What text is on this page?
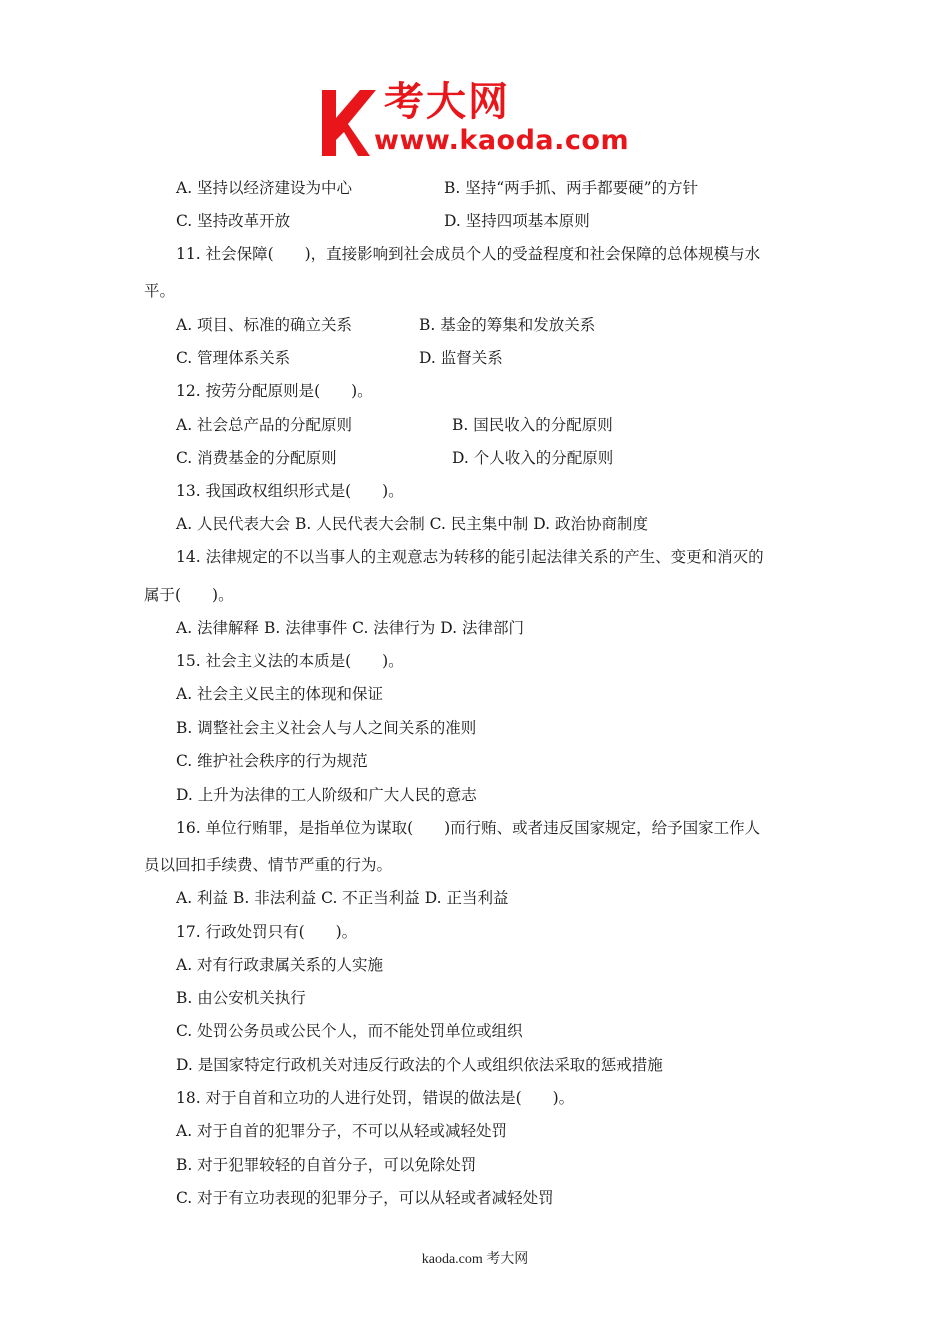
考大网
www.kaoda.com
A. 坚持以经济建设为中心	B. 坚持“两手抓、两手都要硬”的方针
C. 坚持改革开放	D. 坚持四项基本原则
11. 社会保障(　　)，直接影响到社会成员个人的受益程度和社会保障的总体规模与水
平。
A. 项目、标准的确立关系	B. 基金的筹集和发放关系
C. 管理体系关系	D. 监督关系
12. 按劳分配原则是(　　)。
A. 社会总产品的分配原则	B. 国民收入的分配原则
C. 消费基金的分配原则	D. 个人收入的分配原则
13. 我国政权组织形式是(　　)。
A. 人民代表大会 B. 人民代表大会制 C. 民主集中制 D. 政治协商制度
14. 法律规定的不以当事人的主观意志为转移的能引起法律关系的产生、变更和消灭的
属于(　　)。
A. 法律解释 B. 法律事件 C. 法律行为 D. 法律部门
15. 社会主义法的本质是(　　)。
A. 社会主义民主的体现和保证
B. 调整社会主义社会人与人之间关系的准则
C. 维护社会秩序的行为规范
D. 上升为法律的工人阶级和广大人民的意志
16. 单位行贿罪，是指单位为谋取(　　)而行贿、或者违反国家规定，给予国家工作人
员以回扣手续费、情节严重的行为。
A. 利益 B. 非法利益 C. 不正当利益 D. 正当利益
17. 行政处罚只有(　　)。
A. 对有行政隶属关系的人实施
B. 由公安机关执行
C. 处罚公务员或公民个人，而不能处罚单位或组织
D. 是国家特定行政机关对违反行政法的个人或组织依法采取的惩戒措施
18. 对于自首和立功的人进行处罚，错误的做法是(　　)。
A. 对于自首的犯罪分子，不可以从轻或减轻处罚
B. 对于犯罪较轻的自首分子，可以免除处罚
C. 对于有立功表现的犯罪分子，可以从轻或者减轻处罚
kaoda.com 考大网
